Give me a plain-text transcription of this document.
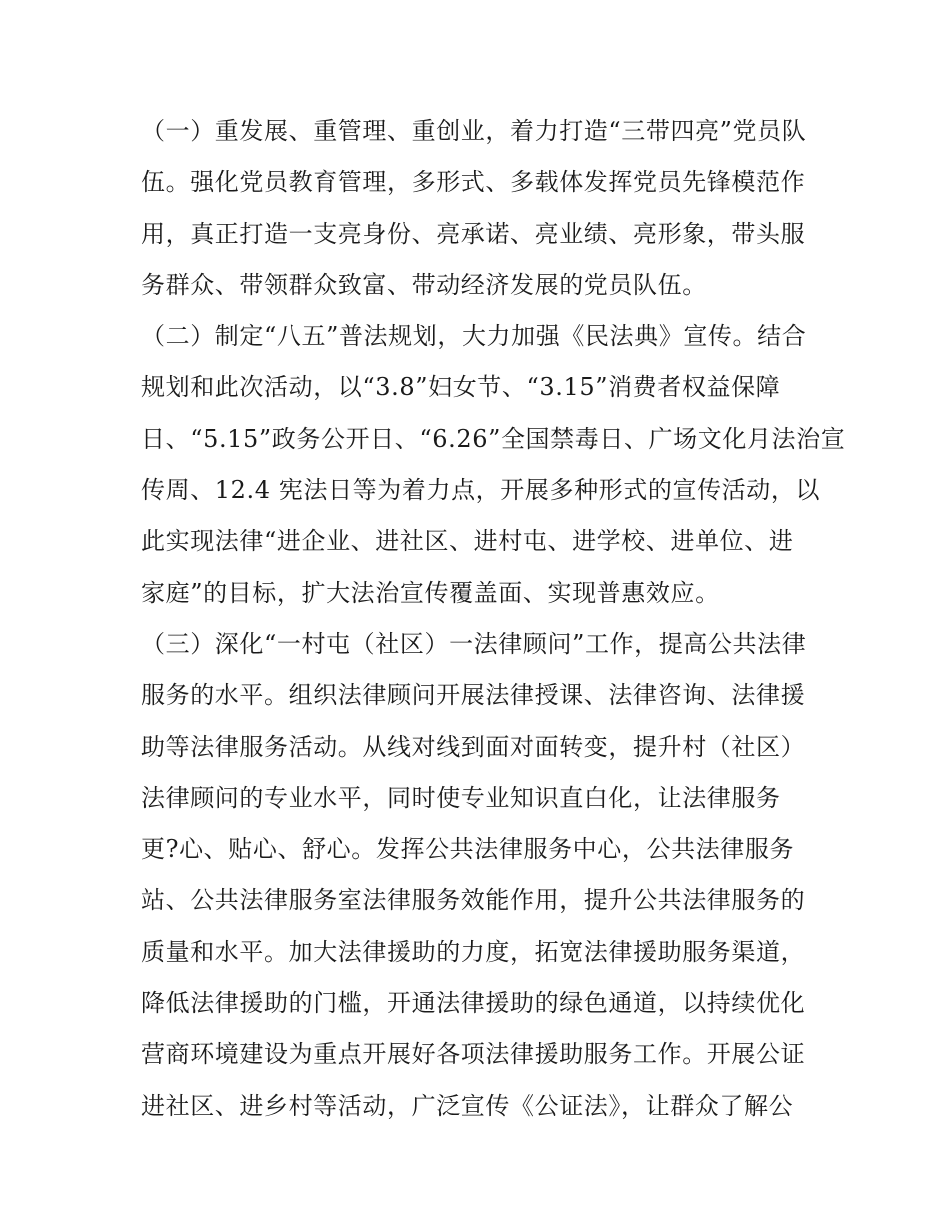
（一）重发展、重管理、重创业，着力打造“三带四亮”党员队
伍。强化党员教育管理，多形式、多载体发挥党员先锋模范作
用，真正打造一支亮身份、亮承诺、亮业绩、亮形象，带头服
务群众、带领群众致富、带动经济发展的党员队伍。
（二）制定“八五”普法规划，大力加强《民法典》宣传。结合
规划和此次活动，以“3.8”妇女节、“3.15”消费者权益保障
日、“5.15”政务公开日、“6.26”全国禁毒日、广场文化月法治宣
传周、12.4 宪法日等为着力点，开展多种形式的宣传活动，以
此实现法律“进企业、进社区、进村屯、进学校、进单位、进
家庭”的目标，扩大法治宣传覆盖面、实现普惠效应。
（三）深化“一村屯（社区）一法律顾问”工作，提高公共法律
服务的水平。组织法律顾问开展法律授课、法律咨询、法律援
助等法律服务活动。从线对线到面对面转变，提升村（社区）
法律顾问的专业水平，同时使专业知识直白化，让法律服务
更?心、贴心、舒心。发挥公共法律服务中心，公共法律服务
站、公共法律服务室法律服务效能作用，提升公共法律服务的
质量和水平。加大法律援助的力度，拓宽法律援助服务渠道，
降低法律援助的门槛，开通法律援助的绿色通道，以持续优化
营商环境建设为重点开展好各项法律援助服务工作。开展公证
进社区、进乡村等活动，广泛宣传《公证法》，让群众了解公
